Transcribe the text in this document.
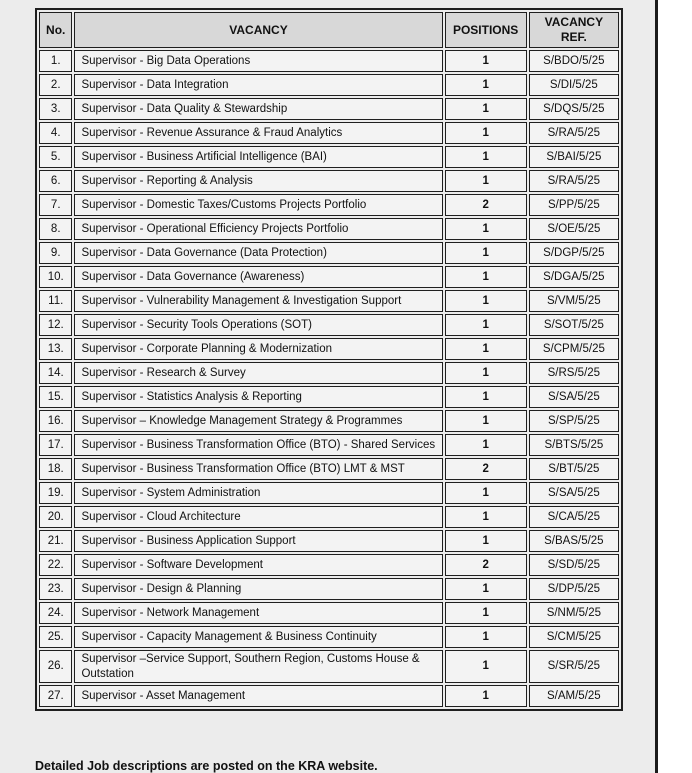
No.	VACANCY	POSITIONS	VACANCY REF.
1.	Supervisor - Big Data Operations	1	S/BDO/5/25
2.	Supervisor - Data Integration	1	S/DI/5/25
3.	Supervisor - Data Quality & Stewardship	1	S/DQS/5/25
4.	Supervisor - Revenue Assurance & Fraud Analytics	1	S/RA/5/25
5.	Supervisor - Business Artificial Intelligence (BAI)	1	S/BAI/5/25
6.	Supervisor - Reporting & Analysis	1	S/RA/5/25
7.	Supervisor - Domestic Taxes/Customs Projects Portfolio	2	S/PP/5/25
8.	Supervisor - Operational Efficiency Projects Portfolio	1	S/OE/5/25
9.	Supervisor - Data Governance (Data Protection)	1	S/DGP/5/25
10.	Supervisor - Data Governance (Awareness)	1	S/DGA/5/25
11.	Supervisor - Vulnerability Management & Investigation Support	1	S/VM/5/25
12.	Supervisor - Security Tools Operations (SOT)	1	S/SOT/5/25
13.	Supervisor - Corporate Planning & Modernization	1	S/CPM/5/25
14.	Supervisor - Research & Survey	1	S/RS/5/25
15.	Supervisor - Statistics Analysis & Reporting	1	S/SA/5/25
16.	Supervisor – Knowledge Management Strategy & Programmes	1	S/SP/5/25
17.	Supervisor - Business Transformation Office (BTO) - Shared Services	1	S/BTS/5/25
18.	Supervisor - Business Transformation Office (BTO) LMT & MST	2	S/BT/5/25
19.	Supervisor - System Administration	1	S/SA/5/25
20.	Supervisor - Cloud Architecture	1	S/CA/5/25
21.	Supervisor - Business Application Support	1	S/BAS/5/25
22.	Supervisor - Software Development	2	S/SD/5/25
23.	Supervisor - Design & Planning	1	S/DP/5/25
24.	Supervisor - Network Management	1	S/NM/5/25
25.	Supervisor - Capacity Management & Business Continuity	1	S/CM/5/25
26.	Supervisor –Service Support, Southern Region, Customs House & Outstation	1	S/SR/5/25
27.	Supervisor - Asset Management	1	S/AM/5/25
Detailed Job descriptions are posted on the KRA website.
